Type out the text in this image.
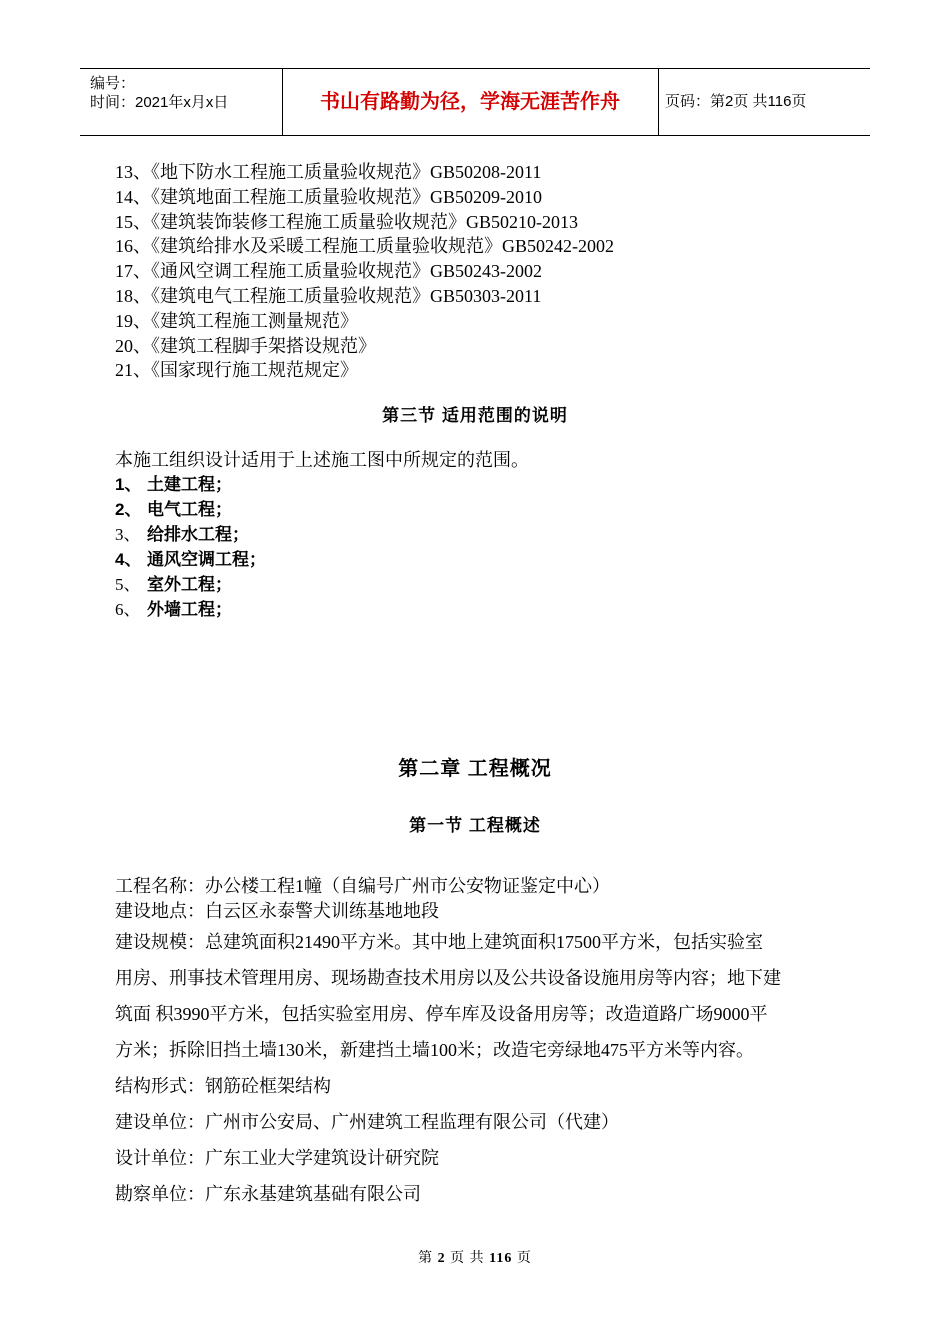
编号：
时间：2021年x月x日	书山有路勤为径，学海无涯苦作舟	页码：第2页 共116页
13、《地下防水工程施工质量验收规范》GB50208-2011
14、《建筑地面工程施工质量验收规范》GB50209-2010
15、《建筑装饰装修工程施工质量验收规范》GB50210-2013
16、《建筑给排水及采暖工程施工质量验收规范》GB50242-2002
17、《通风空调工程施工质量验收规范》GB50243-2002
18、《建筑电气工程施工质量验收规范》GB50303-2011
19、《建筑工程施工测量规范》
20、《建筑工程脚手架搭设规范》
21、《国家现行施工规范规定》
第三节 适用范围的说明
本施工组织设计适用于上述施工图中所规定的范围。
1、 土建工程；
2、 电气工程；
3、 给排水工程；
4、 通风空调工程；
5、 室外工程；
6、 外墙工程；
第二章 工程概况
第一节 工程概述
工程名称：办公楼工程1幢（自编号广州市公安物证鉴定中心）
建设地点：白云区永泰警犬训练基地地段
建设规模：总建筑面积21490平方米。其中地上建筑面积17500平方米，包括实验室
用房、刑事技术管理用房、现场勘查技术用房以及公共设备设施用房等内容；地下建
筑面 积3990平方米，包括实验室用房、停车库及设备用房等；改造道路广场9000平
方米；拆除旧挡土墙130米，新建挡土墙100米；改造宅旁绿地475平方米等内容。
结构形式：钢筋砼框架结构
建设单位：广州市公安局、广州建筑工程监理有限公司（代建）
设计单位：广东工业大学建筑设计研究院
勘察单位：广东永基建筑基础有限公司
第 2 页 共 116 页
